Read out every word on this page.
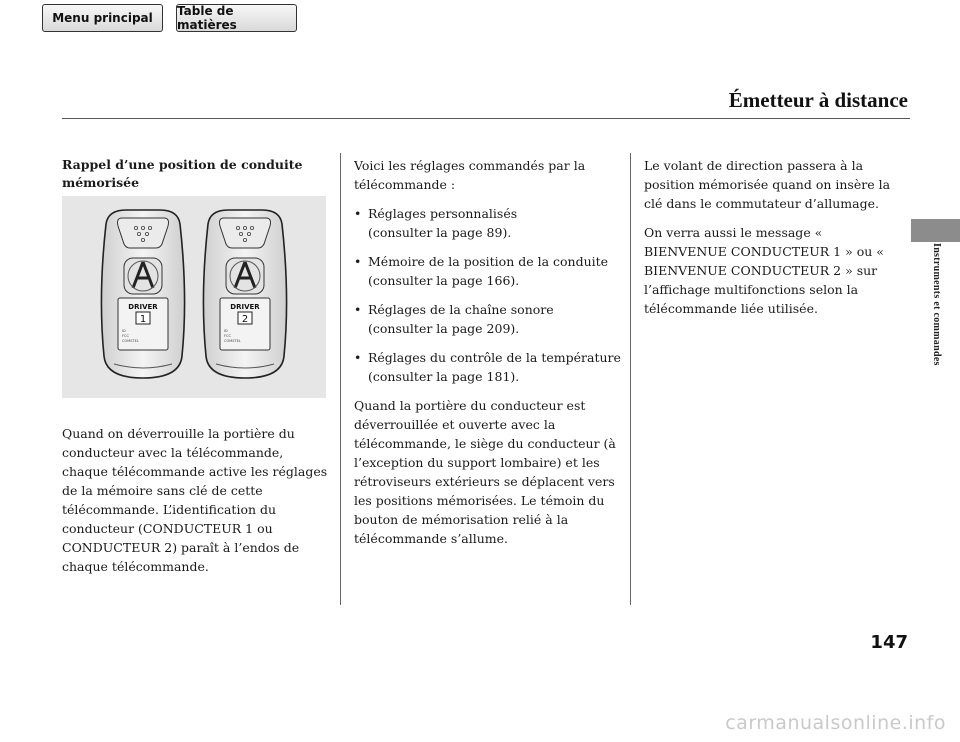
Menu principal	Table de matières
Émetteur à distance
Instruments et commandes
Rappel d’une position de conduite mémorisée
Quand on déverrouille la portière du conducteur avec la télécommande, chaque télécommande active les réglages de la mémoire sans clé de cette télécommande. L’identification du conducteur (CONDUCTEUR 1 ou CONDUCTEUR 2) paraît à l’endos de chaque télécommande.
DRIVER
1
ID
FCC
COMSTEL
DRIVER
2
ID
FCC
COMSTEL
Voici les réglages commandés par la télécommande :
• Réglages personnalisés
(consulter la page 89).
• Mémoire de la position de la conduite
(consulter la page 166).
• Réglages de la chaîne sonore
(consulter la page 209).
• Réglages du contrôle de la température
(consulter la page 181).
Quand la portière du conducteur est déverrouillée et ouverte avec la télécommande, le siège du conducteur (à l’exception du support lombaire) et les rétroviseurs extérieurs se déplacent vers les positions mémorisées. Le témoin du bouton de mémorisation relié à la télécommande s’allume.
Le volant de direction passera à la position mémorisée quand on insère la clé dans le commutateur d’allumage.
On verra aussi le message « BIENVENUE CONDUCTEUR 1 » ou « BIENVENUE CONDUCTEUR 2 » sur l’affichage multifonctions selon la télécommande liée utilisée.
147
carmanualsonline.info
